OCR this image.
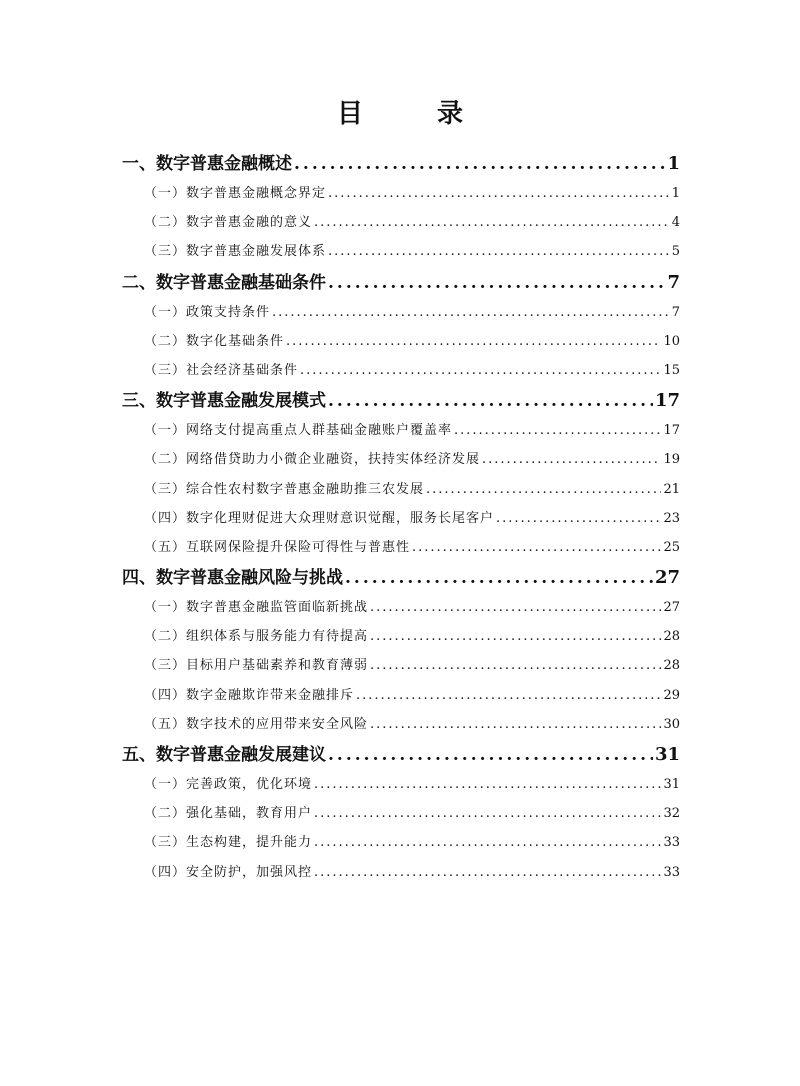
目　录
一、数字普惠金融概述 .....	1
（一）数字普惠金融概念界定 .....	1
（二）数字普惠金融的意义 .....	4
（三）数字普惠金融发展体系 .....	5
二、数字普惠金融基础条件 .....	7
（一）政策支持条件 .....	7
（二）数字化基础条件 .....	10
（三）社会经济基础条件 .....	15
三、数字普惠金融发展模式 .....	17
（一）网络支付提高重点人群基础金融账户覆盖率 .....	17
（二）网络借贷助力小微企业融资，扶持实体经济发展 .....	19
（三）综合性农村数字普惠金融助推三农发展 .....	21
（四）数字化理财促进大众理财意识觉醒，服务长尾客户 .....	23
（五）互联网保险提升保险可得性与普惠性 .....	25
四、数字普惠金融风险与挑战 .....	27
（一）数字普惠金融监管面临新挑战 .....	27
（二）组织体系与服务能力有待提高 .....	28
（三）目标用户基础素养和教育薄弱 .....	28
（四）数字金融欺诈带来金融排斥 .....	29
（五）数字技术的应用带来安全风险 .....	30
五、数字普惠金融发展建议 .....	31
（一）完善政策，优化环境 .....	31
（二）强化基础，教育用户 .....	32
（三）生态构建，提升能力 .....	33
（四）安全防护，加强风控 .....	33
